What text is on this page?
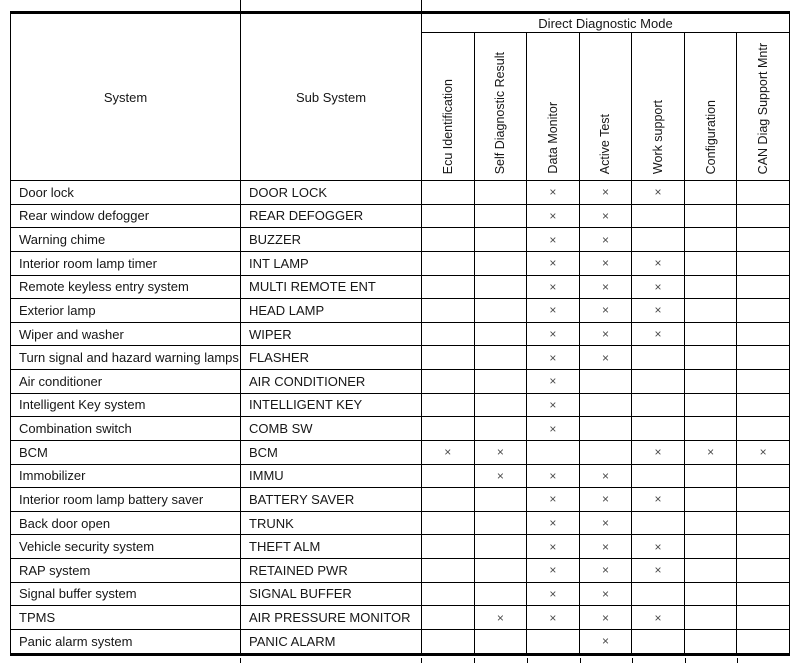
System	Sub System	Direct Diagnostic Mode						

		Ecu Identification	Self Diagnostic Result	Data Monitor	Active Test	Work support	Configuration	CAN Diag Support Mntr

Door lock	DOOR LOCK			×	×	×		
Rear window defogger	REAR DEFOGGER			×	×			
Warning chime	BUZZER			×	×			
Interior room lamp timer	INT LAMP			×	×	×		
Remote keyless entry system	MULTI REMOTE ENT			×	×	×		
Exterior lamp	HEAD LAMP			×	×	×		
Wiper and washer	WIPER			×	×	×		
Turn signal and hazard warning lamps	FLASHER			×	×			
Air conditioner	AIR CONDITIONER			×				
Intelligent Key system	INTELLIGENT KEY			×				
Combination switch	COMB SW			×				
BCM	BCM	×	×			×	×	×
Immobilizer	IMMU		×	×	×			
Interior room lamp battery saver	BATTERY SAVER			×	×	×		
Back door open	TRUNK			×	×			
Vehicle security system	THEFT ALM			×	×	×		
RAP system	RETAINED PWR			×	×	×		
Signal buffer system	SIGNAL BUFFER			×	×			
TPMS	AIR PRESSURE MONITOR		×	×	×	×		
Panic alarm system	PANIC ALARM				×			
